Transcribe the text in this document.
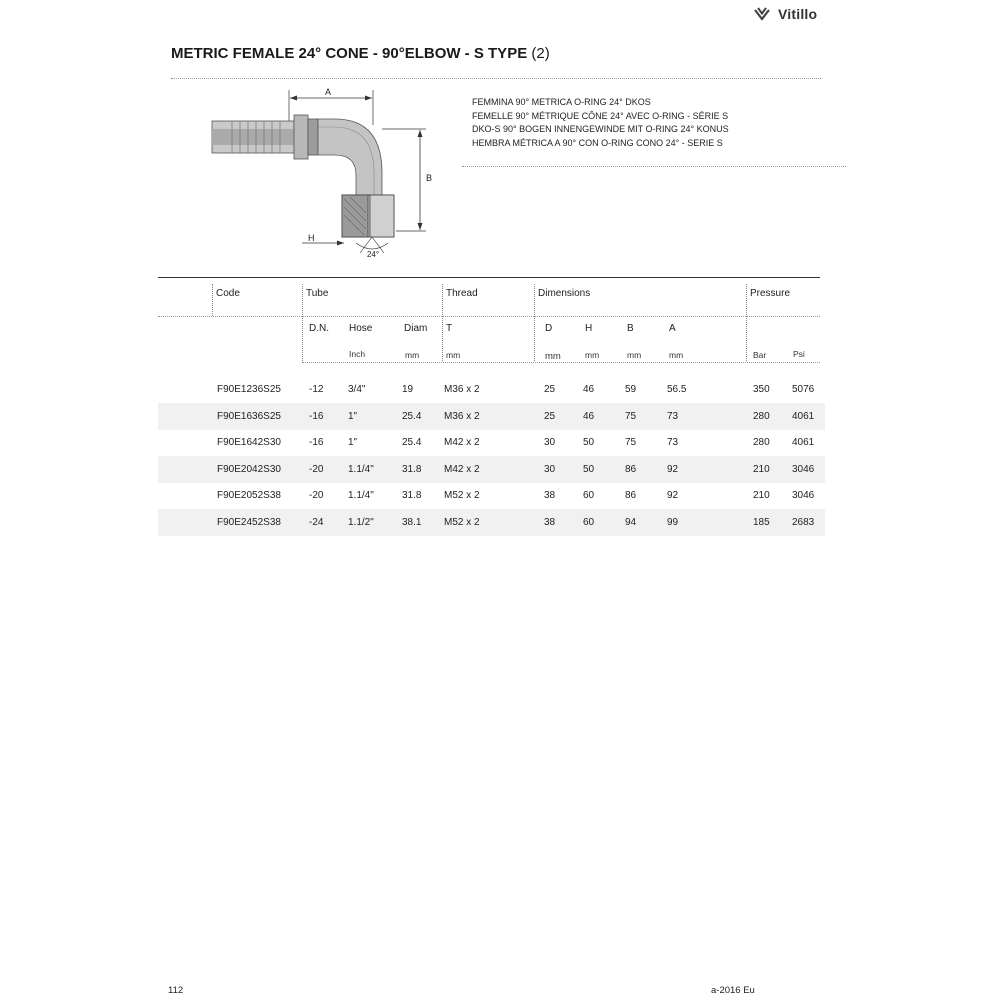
Vitillo
METRIC FEMALE 24° CONE - 90°ELBOW - S TYPE (2)
A
B
H
24°
FEMMINA 90° METRICA O-RING 24° DKOS
FEMELLE 90° MÉTRIQUE CÔNE 24° AVEC O-RING - SÉRIE S
DKO-S 90° BOGEN INNENGEWINDE MIT O-RING 24° KONUS
HEMBRA MÉTRICA A 90° CON O-RING CONO 24° - SERIE S
Code	Tube	Thread	Dimensions	Pressure
D.N. Hose	Diam T	D	H	B	A
Inch	mm	mm	mm	mm	mm	mm	Bar	Psi
F90E1236S25	-12 3/4"	19	M36 x 2	25	46	59	56.5	350 5076
F90E1636S25	-16 1"	25.4 M36 x 2	25	46	75	73	280 4061
F90E1642S30	-16 1"	25.4 M42 x 2	30	50	75	73	280 4061
F90E2042S30	-20 1.1/4"	31.8 M42 x 2	30	50	86	92	210 3046
F90E2052S38	-20 1.1/4"	31.8 M52 x 2	38	60	86	92	210 3046
F90E2452S38	-24 1.1/2"	38.1 M52 x 2	38	60	94	99	185 2683
112	a-2016 Eu
